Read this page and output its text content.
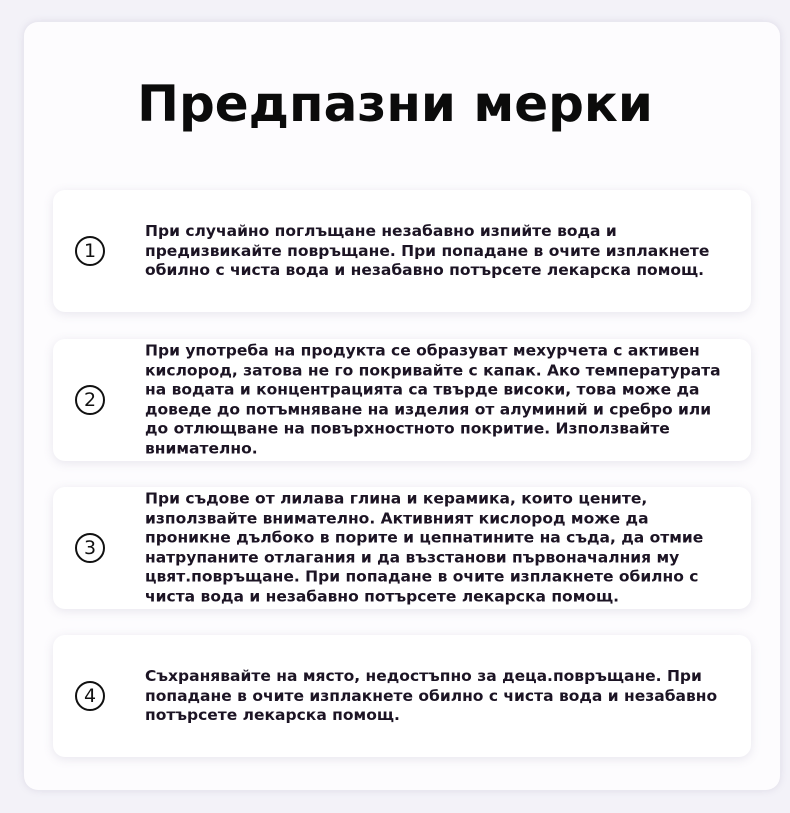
Предпазни мерки
1

При случайно поглъщане незабавно изпийте вода и предизвикайте повръщане. При попадане в очите изплакнете обилно с чиста вода и незабавно потърсете лекарска помощ.

2

При употреба на продукта се образуват мехурчета с активен кислород, затова не го покривайте с капак. Ако температурата на водата и концентрацията са твърде високи, това може да доведе до потъмняване на изделия от алуминий и сребро или до отлющване на повърхностното покритие. Използвайте внимателно.

3

При съдове от лилава глина и керамика, които цените, използвайте внимателно. Активният кислород може да проникне дълбоко в порите и цепнатините на съда, да отмие натрупаните отлагания и да възстанови първоначалния му цвят.повръщане. При попадане в очите изплакнете обилно с чиста вода и незабавно потърсете лекарска помощ.

4

Съхранявайте на място, недостъпно за деца.повръщане. При попадане в очите изплакнете обилно с чиста вода и незабавно потърсете лекарска помощ.
